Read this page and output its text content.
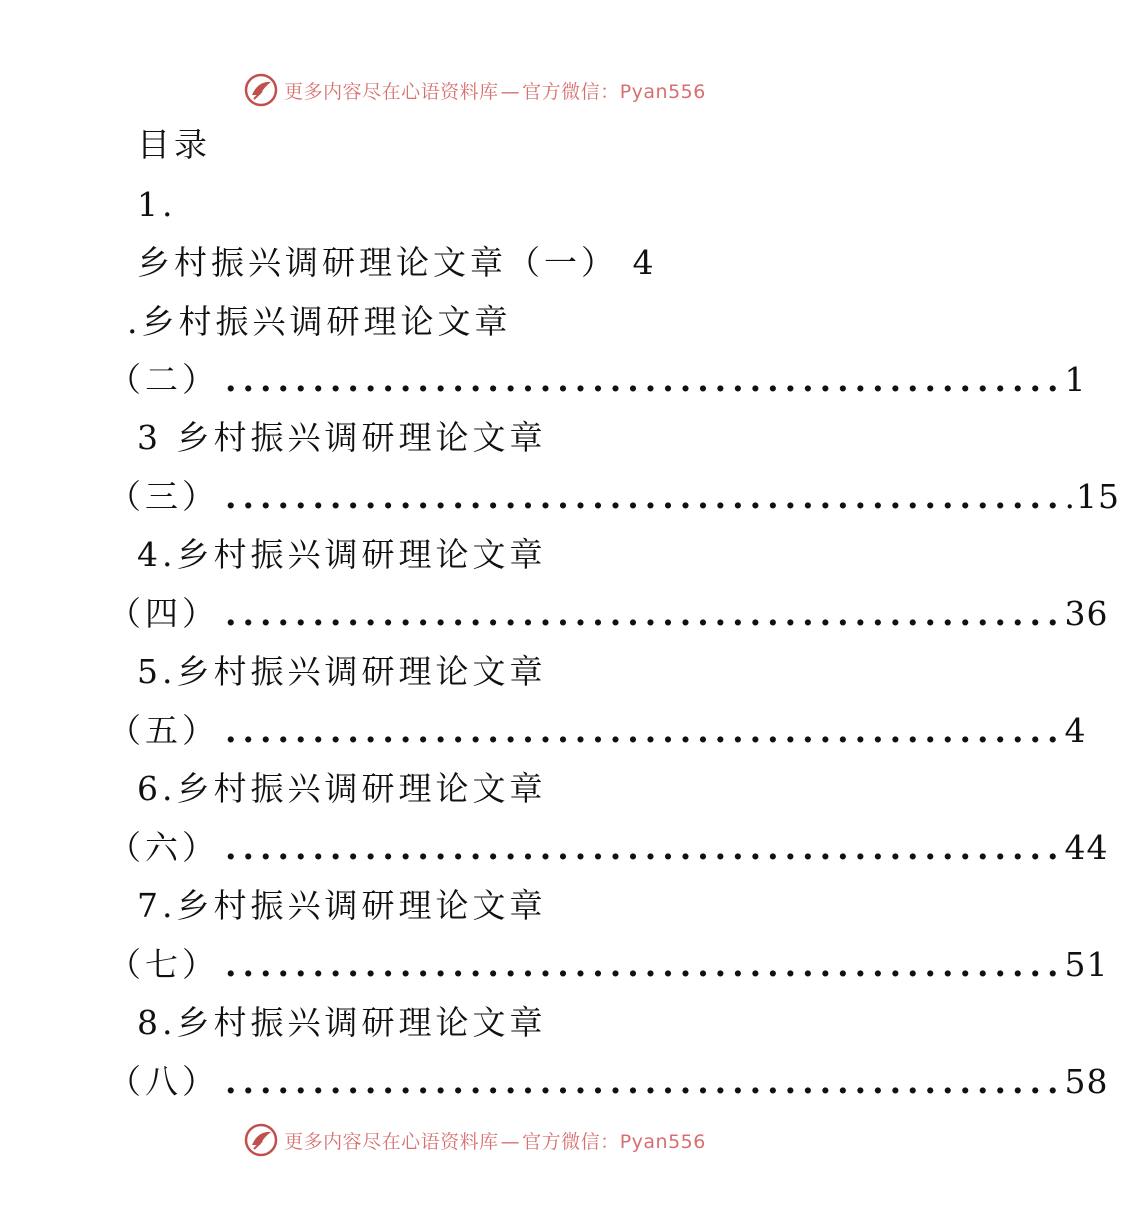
更多内容尽在心语资料库 — 官方微信：Pyan556
目录
1.
乡村振兴调研理论文章（一） 4
.乡村振兴调研理论文章
（二） ................................................ 1
3 乡村振兴调研理论文章
（三） ................................................ .15
4.乡村振兴调研理论文章
（四） ................................................ 36
5.乡村振兴调研理论文章
（五） ................................................ 4
6.乡村振兴调研理论文章
（六） ................................................ 44
7.乡村振兴调研理论文章
（七） ................................................ 51
8.乡村振兴调研理论文章
（八） ................................................ 58
更多内容尽在心语资料库 — 官方微信：Pyan556
